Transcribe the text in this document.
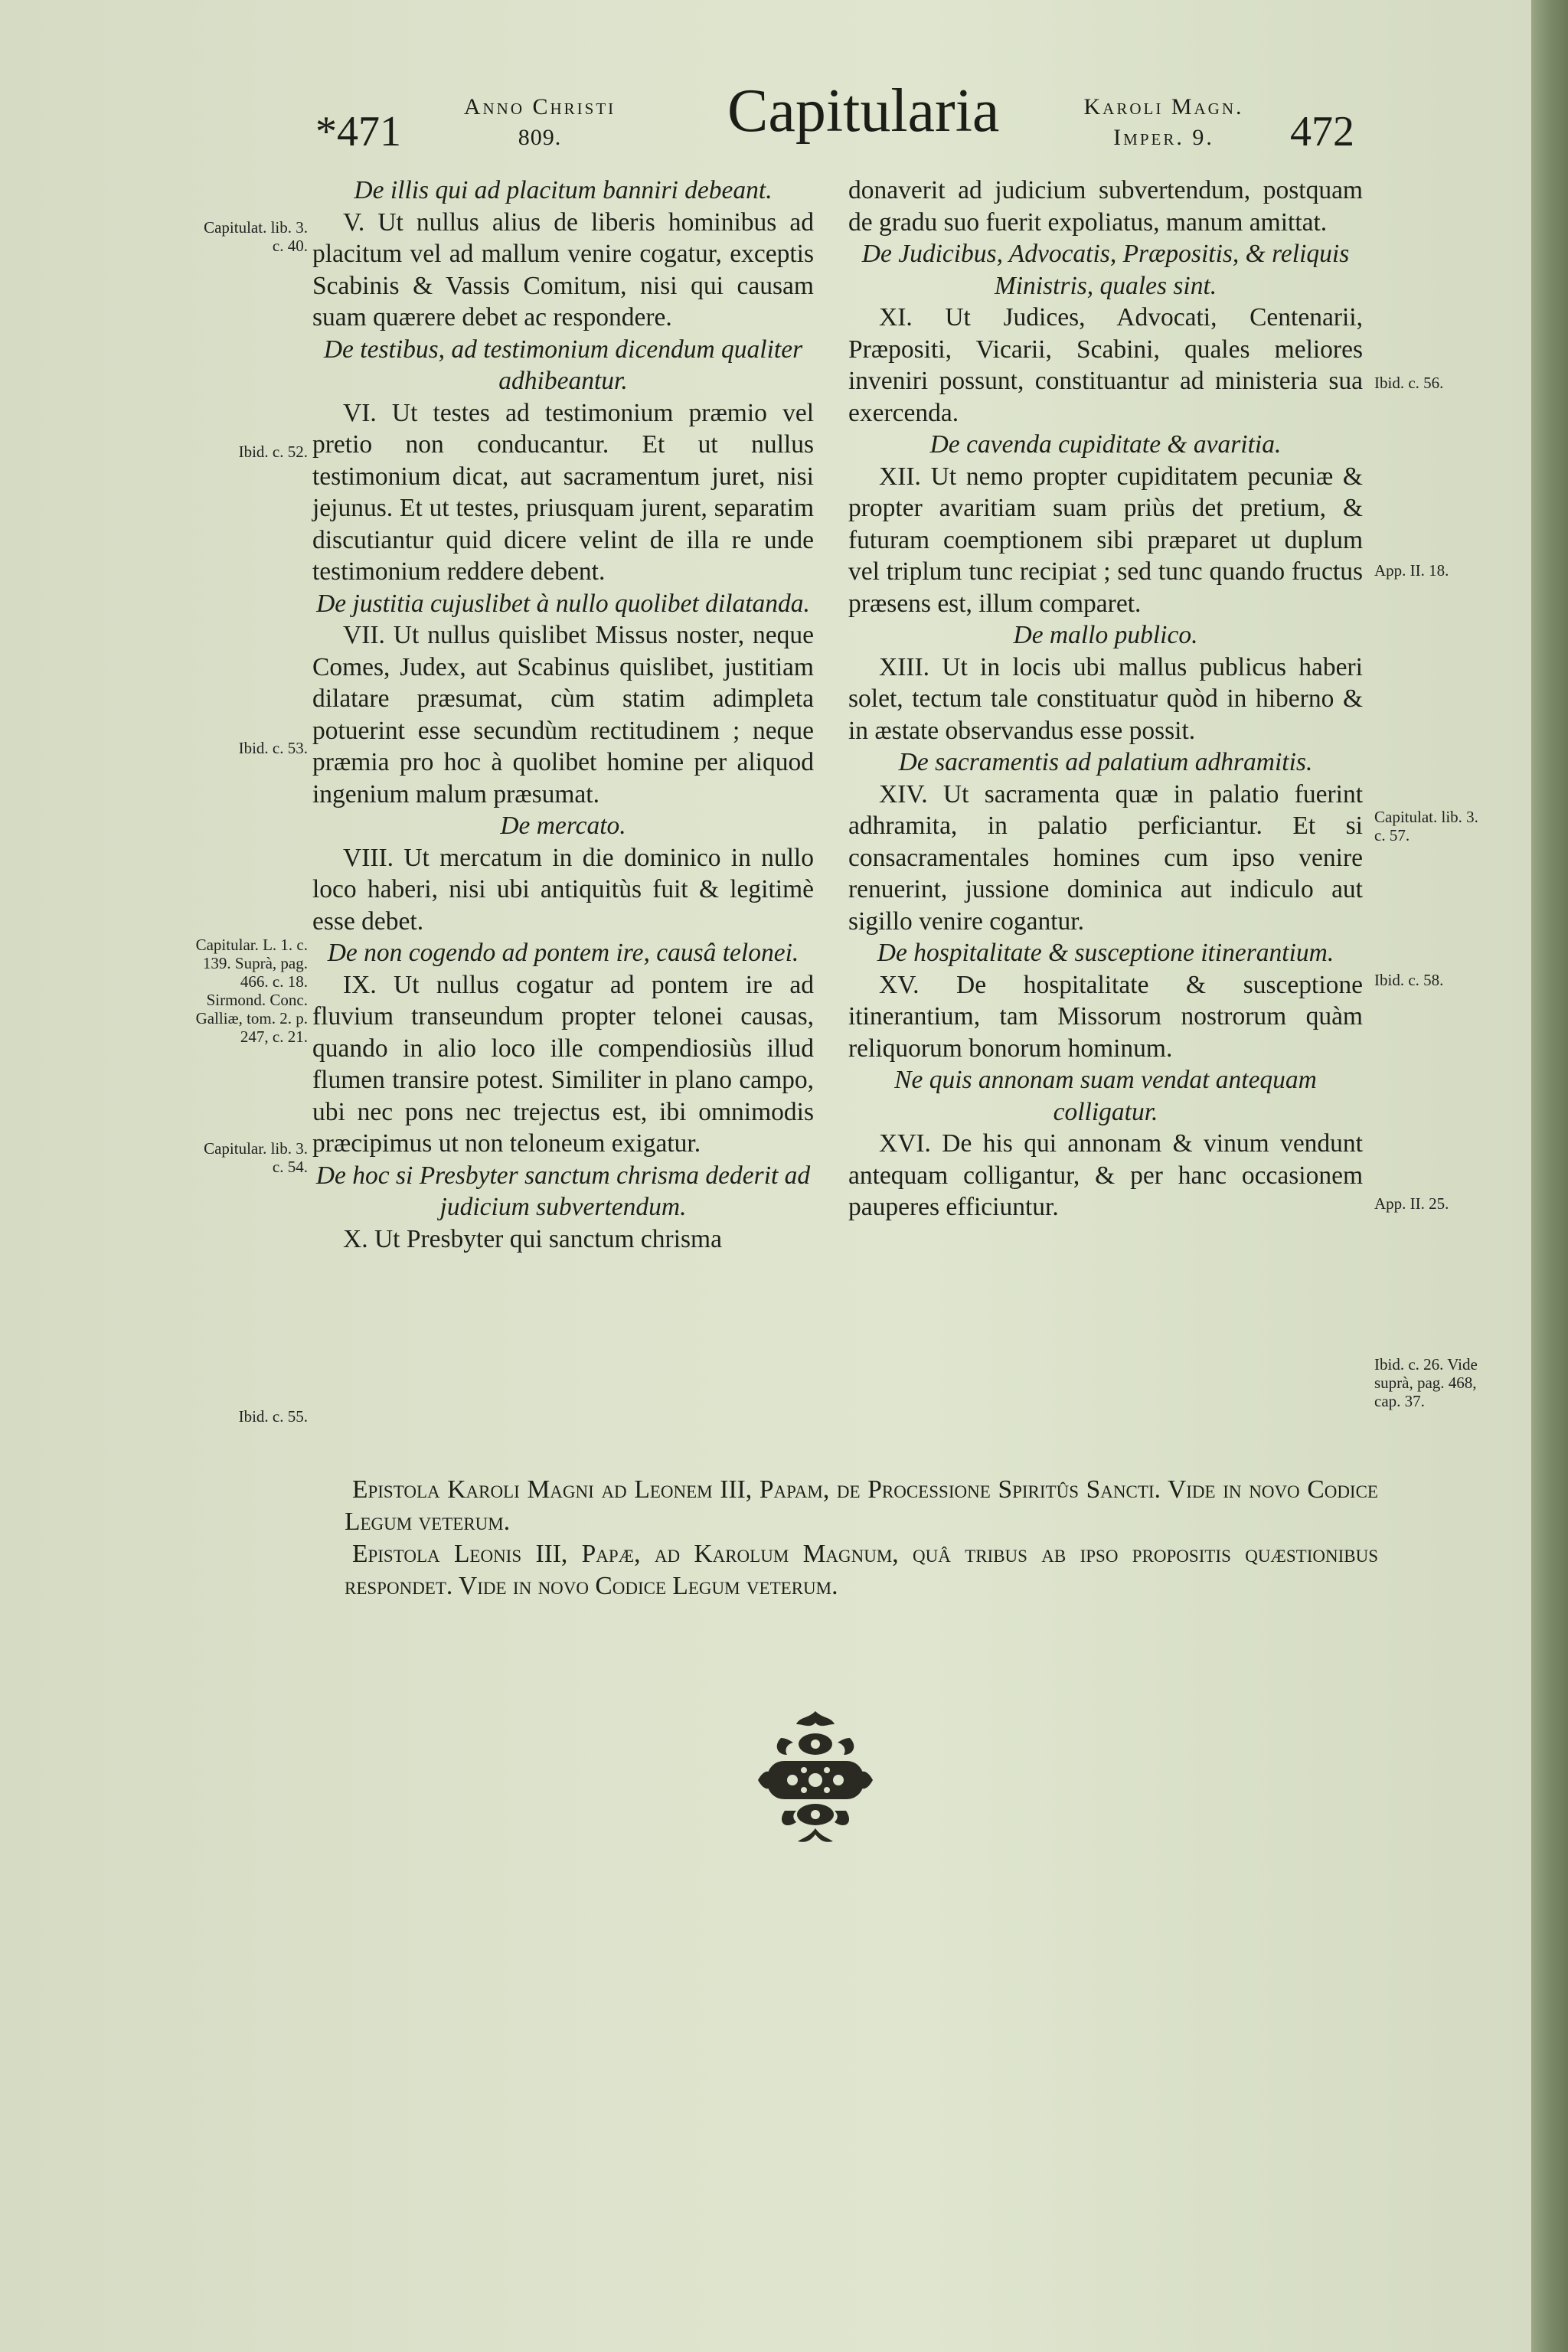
*471
Anno Christi
809.	Capitularia	Karoli Magn.
Imper. 9.	472

De illis qui ad placitum banniri debeant.

V. Ut nullus alius de liberis hominibus ad placitum vel ad mallum venire cogatur, exceptis Scabinis & Vassis Comitum, nisi qui causam suam quærere debet ac respondere.

De testibus, ad testimonium dicendum qualiter adhibeantur.

VI. Ut testes ad testimonium præmio vel pretio non conducantur. Et ut nullus testimonium dicat, aut sacramentum juret, nisi jejunus. Et ut testes, priusquam jurent, separatim discutiantur quid dicere velint de illa re unde testimonium reddere debent.

De justitia cujuslibet à nullo quolibet dilatanda.

VII. Ut nullus quislibet Missus noster, neque Comes, Judex, aut Scabinus quislibet, justitiam dilatare præsumat, cùm statim adimpleta potuerint esse secundùm rectitudinem ; neque præmia pro hoc à quolibet homine per aliquod ingenium malum præsumat.

De mercato.

VIII. Ut mercatum in die dominico in nullo loco haberi, nisi ubi antiquitùs fuit & legitimè esse debet.

De non cogendo ad pontem ire, causâ telonei.

IX. Ut nullus cogatur ad pontem ire ad fluvium transeundum propter telonei causas, quando in alio loco ille compendiosiùs illud flumen transire potest. Similiter in plano campo, ubi nec pons nec trejectus est, ibi omnimodis præcipimus ut non teloneum exigatur.

De hoc si Presbyter sanctum chrisma dederit ad judicium subvertendum.

X. Ut Presbyter qui sanctum chrisma

donaverit ad judicium subvertendum, postquam de gradu suo fuerit expoliatus, manum amittat.

De Judicibus, Advocatis, Præpositis, & reliquis Ministris, quales sint.

XI. Ut Judices, Advocati, Centenarii, Præpositi, Vicarii, Scabini, quales meliores inveniri possunt, constituantur ad ministeria sua exercenda.

De cavenda cupiditate & avaritia.

XII. Ut nemo propter cupiditatem pecuniæ & propter avaritiam suam priùs det pretium, & futuram coemptionem sibi præparet ut duplum vel triplum tunc recipiat ; sed tunc quando fructus præsens est, illum comparet.

De mallo publico.

XIII. Ut in locis ubi mallus publicus haberi solet, tectum tale constituatur quòd in hiberno & in æstate observandus esse possit.

De sacramentis ad palatium adhramitis.

XIV. Ut sacramenta quæ in palatio fuerint adhramita, in palatio perficiantur. Et si consacramentales homines cum ipso venire renuerint, jussione dominica aut indiculo aut sigillo venire cogantur.

De hospitalitate & susceptione itinerantium.

XV. De hospitalitate & susceptione itinerantium, tam Missorum nostrorum quàm reliquorum bonorum hominum.

Ne quis annonam suam vendat antequam colligatur.

XVI. De his qui annonam & vinum vendunt antequam colligantur, & per hanc occasionem pauperes efficiuntur.

Capitulat. lib. 3. c. 40.
Ibid. c. 52.
Ibid. c. 53.
Capitular. L. 1. c. 139. Suprà, pag. 466. c. 18. Sirmond. Conc. Galliæ, tom. 2. p. 247, c. 21.
Capitular. lib. 3. c. 54.
Ibid. c. 55.
Ibid. c. 56.
App. II. 18.
Capitulat. lib. 3. c. 57.
Ibid. c. 58.
App. II. 25.
Ibid. c. 26. Vide suprà, pag. 468, cap. 37.

Epistola Karoli Magni ad Leonem III, Papam, de Processione Spiritûs Sancti. Vide in novo Codice Legum veterum.

Epistola Leonis III, Papæ, ad Karolum Magnum, quâ tribus ab ipso propositis quæstionibus respondet. Vide in novo Codice Legum veterum.
